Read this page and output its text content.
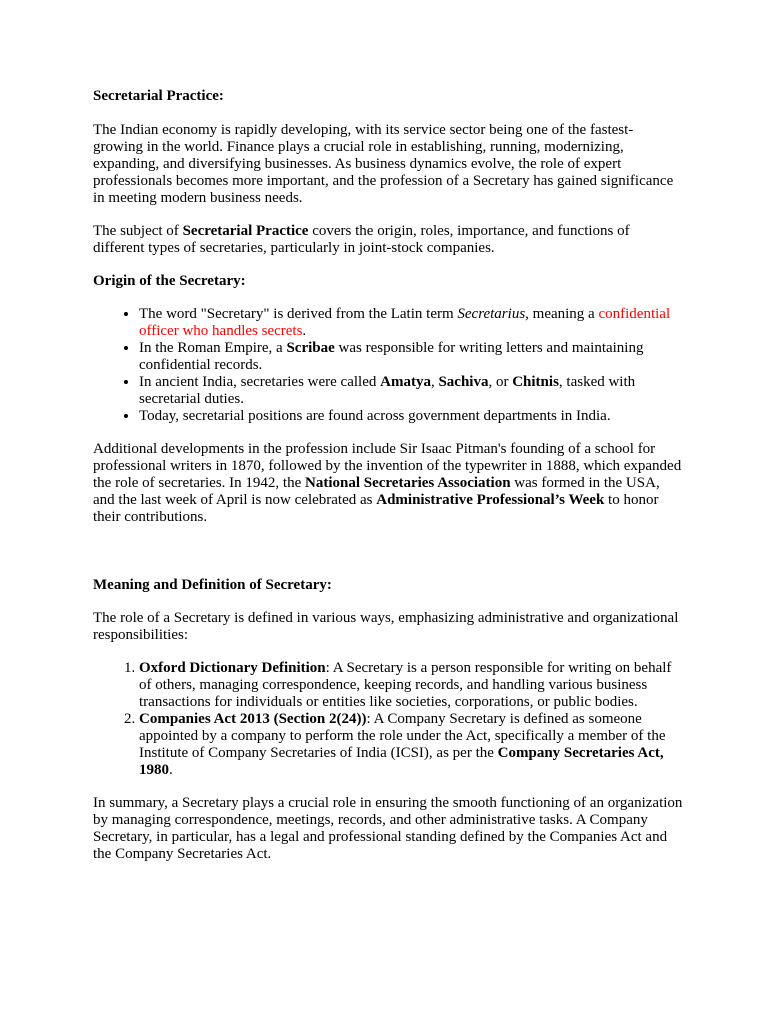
Secretarial Practice:

The Indian economy is rapidly developing, with its service sector being one of the fastest-growing in the world. Finance plays a crucial role in establishing, running, modernizing, expanding, and diversifying businesses. As business dynamics evolve, the role of expert professionals becomes more important, and the profession of a Secretary has gained significance in meeting modern business needs.

The subject of Secretarial Practice covers the origin, roles, importance, and functions of different types of secretaries, particularly in joint-stock companies.

Origin of the Secretary:

• The word "Secretary" is derived from the Latin term Secretarius, meaning a confidential officer who handles secrets.
• In the Roman Empire, a Scribae was responsible for writing letters and maintaining confidential records.
• In ancient India, secretaries were called Amatya, Sachiva, or Chitnis, tasked with secretarial duties.
• Today, secretarial positions are found across government departments in India.

Additional developments in the profession include Sir Isaac Pitman's founding of a school for professional writers in 1870, followed by the invention of the typewriter in 1888, which expanded the role of secretaries. In 1942, the National Secretaries Association was formed in the USA, and the last week of April is now celebrated as Administrative Professional’s Week to honor their contributions.

Meaning and Definition of Secretary:

The role of a Secretary is defined in various ways, emphasizing administrative and organizational responsibilities:

1. Oxford Dictionary Definition: A Secretary is a person responsible for writing on behalf of others, managing correspondence, keeping records, and handling various business transactions for individuals or entities like societies, corporations, or public bodies.
2. Companies Act 2013 (Section 2(24)): A Company Secretary is defined as someone appointed by a company to perform the role under the Act, specifically a member of the Institute of Company Secretaries of India (ICSI), as per the Company Secretaries Act, 1980.

In summary, a Secretary plays a crucial role in ensuring the smooth functioning of an organization by managing correspondence, meetings, records, and other administrative tasks. A Company Secretary, in particular, has a legal and professional standing defined by the Companies Act and the Company Secretaries Act.
